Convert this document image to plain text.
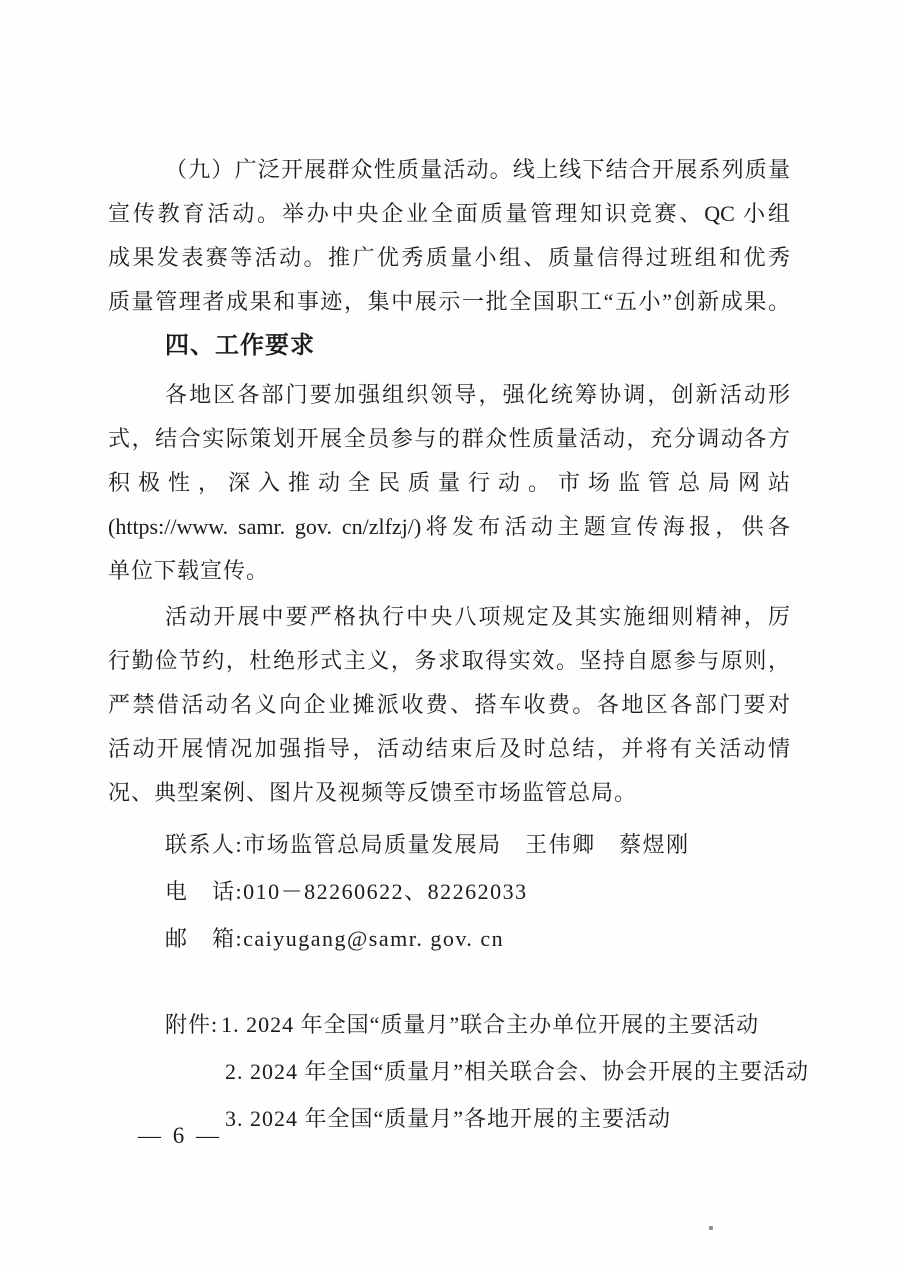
（九）广泛开展群众性质量活动。线上线下结合开展系列质量
宣传教育活动。举办中央企业全面质量管理知识竞赛、QC 小组
成果发表赛等活动。推广优秀质量小组、质量信得过班组和优秀
质量管理者成果和事迹，集中展示一批全国职工“五小”创新成果。
四、工作要求
各地区各部门要加强组织领导，强化统筹协调，创新活动形
式，结合实际策划开展全员参与的群众性质量活动，充分调动各方
积极性，深入推动全民质量行动。市场监管总局网站
(https://www. samr. gov. cn/zlfzj/)将发布活动主题宣传海报，供各
单位下载宣传。
活动开展中要严格执行中央八项规定及其实施细则精神，厉
行勤俭节约，杜绝形式主义，务求取得实效。坚持自愿参与原则，
严禁借活动名义向企业摊派收费、搭车收费。各地区各部门要对
活动开展情况加强指导，活动结束后及时总结，并将有关活动情
况、典型案例、图片及视频等反馈至市场监管总局。
联系人:市场监管总局质量发展局　王伟卿　蔡煜刚
电　话:010－82260622、82262033
邮　箱:caiyugang@samr. gov. cn
附件: 1. 2024 年全国“质量月”联合主办单位开展的主要活动
2. 2024 年全国“质量月”相关联合会、协会开展的主要活动
3. 2024 年全国“质量月”各地开展的主要活动
— 6 —
